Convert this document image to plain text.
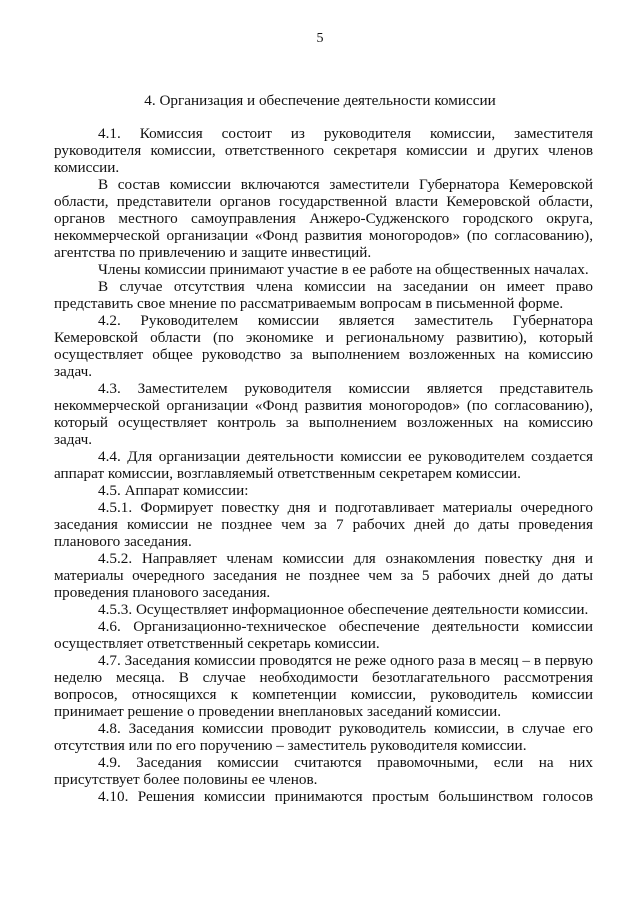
5
4. Организация и обеспечение деятельности комиссии
4.1. Комиссия состоит из руководителя комиссии, заместителя
руководителя комиссии, ответственного секретаря комиссии и других членов
комиссии.
В состав комиссии включаются заместители Губернатора Кемеровской
области, представители органов государственной власти Кемеровской области,
органов местного самоуправления Анжеро-Судженского городского округа,
некоммерческой организации «Фонд развития моногородов» (по согласованию),
агентства по привлечению и защите инвестиций.
Члены комиссии принимают участие в ее работе на общественных началах.
В случае отсутствия члена комиссии на заседании он имеет право
представить свое мнение по рассматриваемым вопросам в письменной форме.
4.2. Руководителем комиссии является заместитель Губернатора
Кемеровской области (по экономике и региональному развитию), который
осуществляет общее руководство за выполнением возложенных на комиссию
задач.
4.3. Заместителем руководителя комиссии является представитель
некоммерческой организации «Фонд развития моногородов» (по согласованию),
который осуществляет контроль за выполнением возложенных на комиссию
задач.
4.4. Для организации деятельности комиссии ее руководителем создается
аппарат комиссии, возглавляемый ответственным секретарем комиссии.
4.5. Аппарат комиссии:
4.5.1. Формирует повестку дня и подготавливает материалы очередного
заседания комиссии не позднее чем за 7 рабочих дней до даты проведения
планового заседания.
4.5.2. Направляет членам комиссии для ознакомления повестку дня и
материалы очередного заседания не позднее чем за 5 рабочих дней до даты
проведения планового заседания.
4.5.3. Осуществляет информационное обеспечение деятельности комиссии.
4.6. Организационно-техническое обеспечение деятельности комиссии
осуществляет ответственный секретарь комиссии.
4.7. Заседания комиссии проводятся не реже одного раза в месяц – в первую
неделю месяца. В случае необходимости безотлагательного рассмотрения
вопросов, относящихся к компетенции комиссии, руководитель комиссии
принимает решение о проведении внеплановых заседаний комиссии.
4.8. Заседания комиссии проводит руководитель комиссии, в случае его
отсутствия или по его поручению – заместитель руководителя комиссии.
4.9. Заседания комиссии считаются правомочными, если на них
присутствует более половины ее членов.
4.10. Решения комиссии принимаются простым большинством голосов
